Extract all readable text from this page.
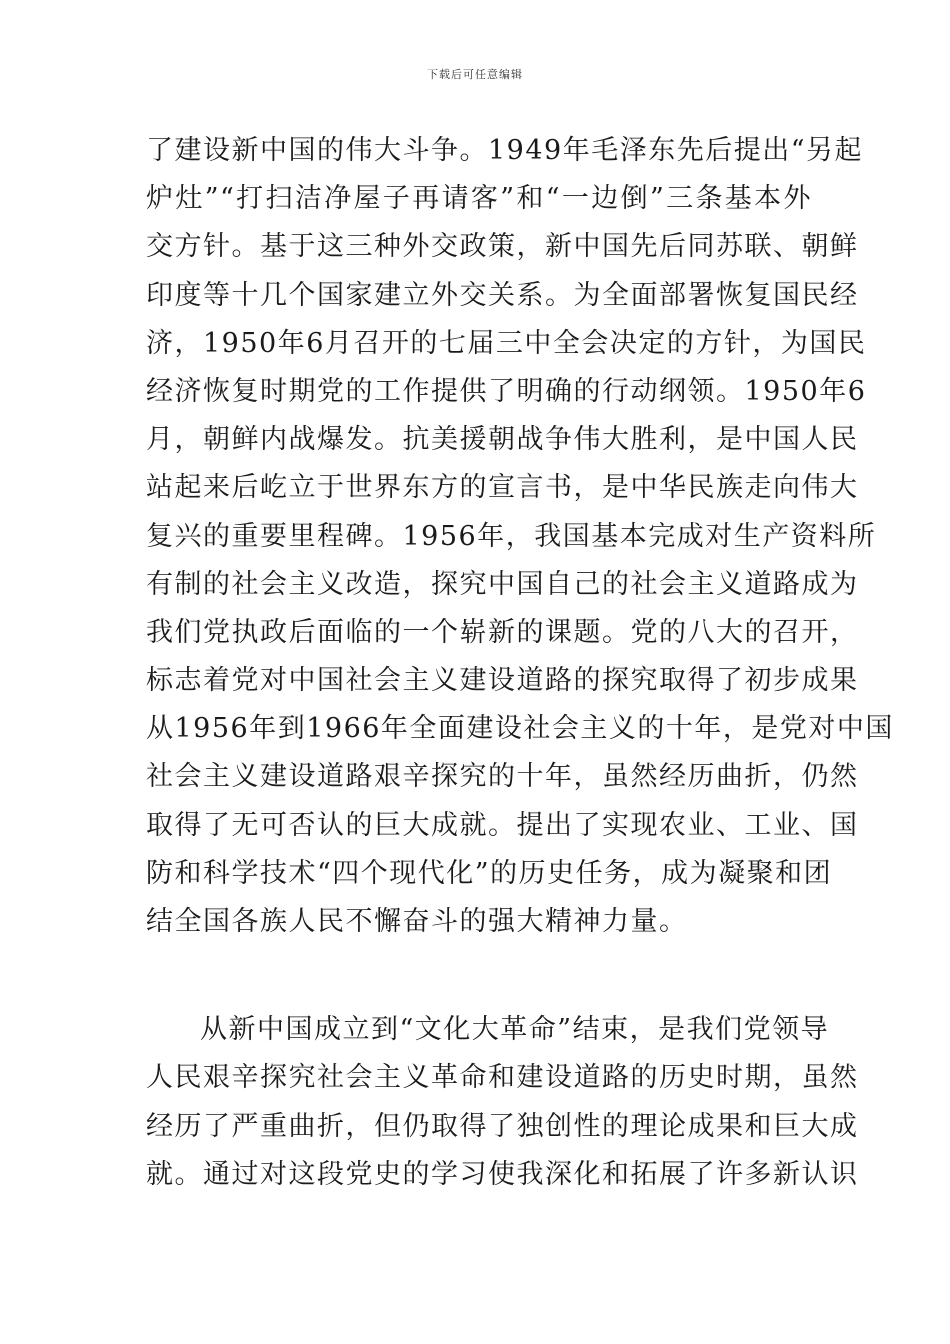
下载后可任意编辑
了建设新中国的伟大斗争。1949年毛泽东先后提出“另起
炉灶”“打扫洁净屋子再请客”和“一边倒”三条基本外
交方针。基于这三种外交政策，新中国先后同苏联、朝鲜
印度等十几个国家建立外交关系。为全面部署恢复国民经
济，1950年6月召开的七届三中全会决定的方针，为国民
经济恢复时期党的工作提供了明确的行动纲领。1950年6
月，朝鲜内战爆发。抗美援朝战争伟大胜利，是中国人民
站起来后屹立于世界东方的宣言书，是中华民族走向伟大
复兴的重要里程碑。1956年，我国基本完成对生产资料所
有制的社会主义改造，探究中国自己的社会主义道路成为
我们党执政后面临的一个崭新的课题。党的八大的召开，
标志着党对中国社会主义建设道路的探究取得了初步成果
从1956年到1966年全面建设社会主义的十年，是党对中国
社会主义建设道路艰辛探究的十年，虽然经历曲折，仍然
取得了无可否认的巨大成就。提出了实现农业、工业、国
防和科学技术“四个现代化”的历史任务，成为凝聚和团
结全国各族人民不懈奋斗的强大精神力量。
从新中国成立到“文化大革命”结束，是我们党领导
人民艰辛探究社会主义革命和建设道路的历史时期，虽然
经历了严重曲折，但仍取得了独创性的理论成果和巨大成
就。通过对这段党史的学习使我深化和拓展了许多新认识
